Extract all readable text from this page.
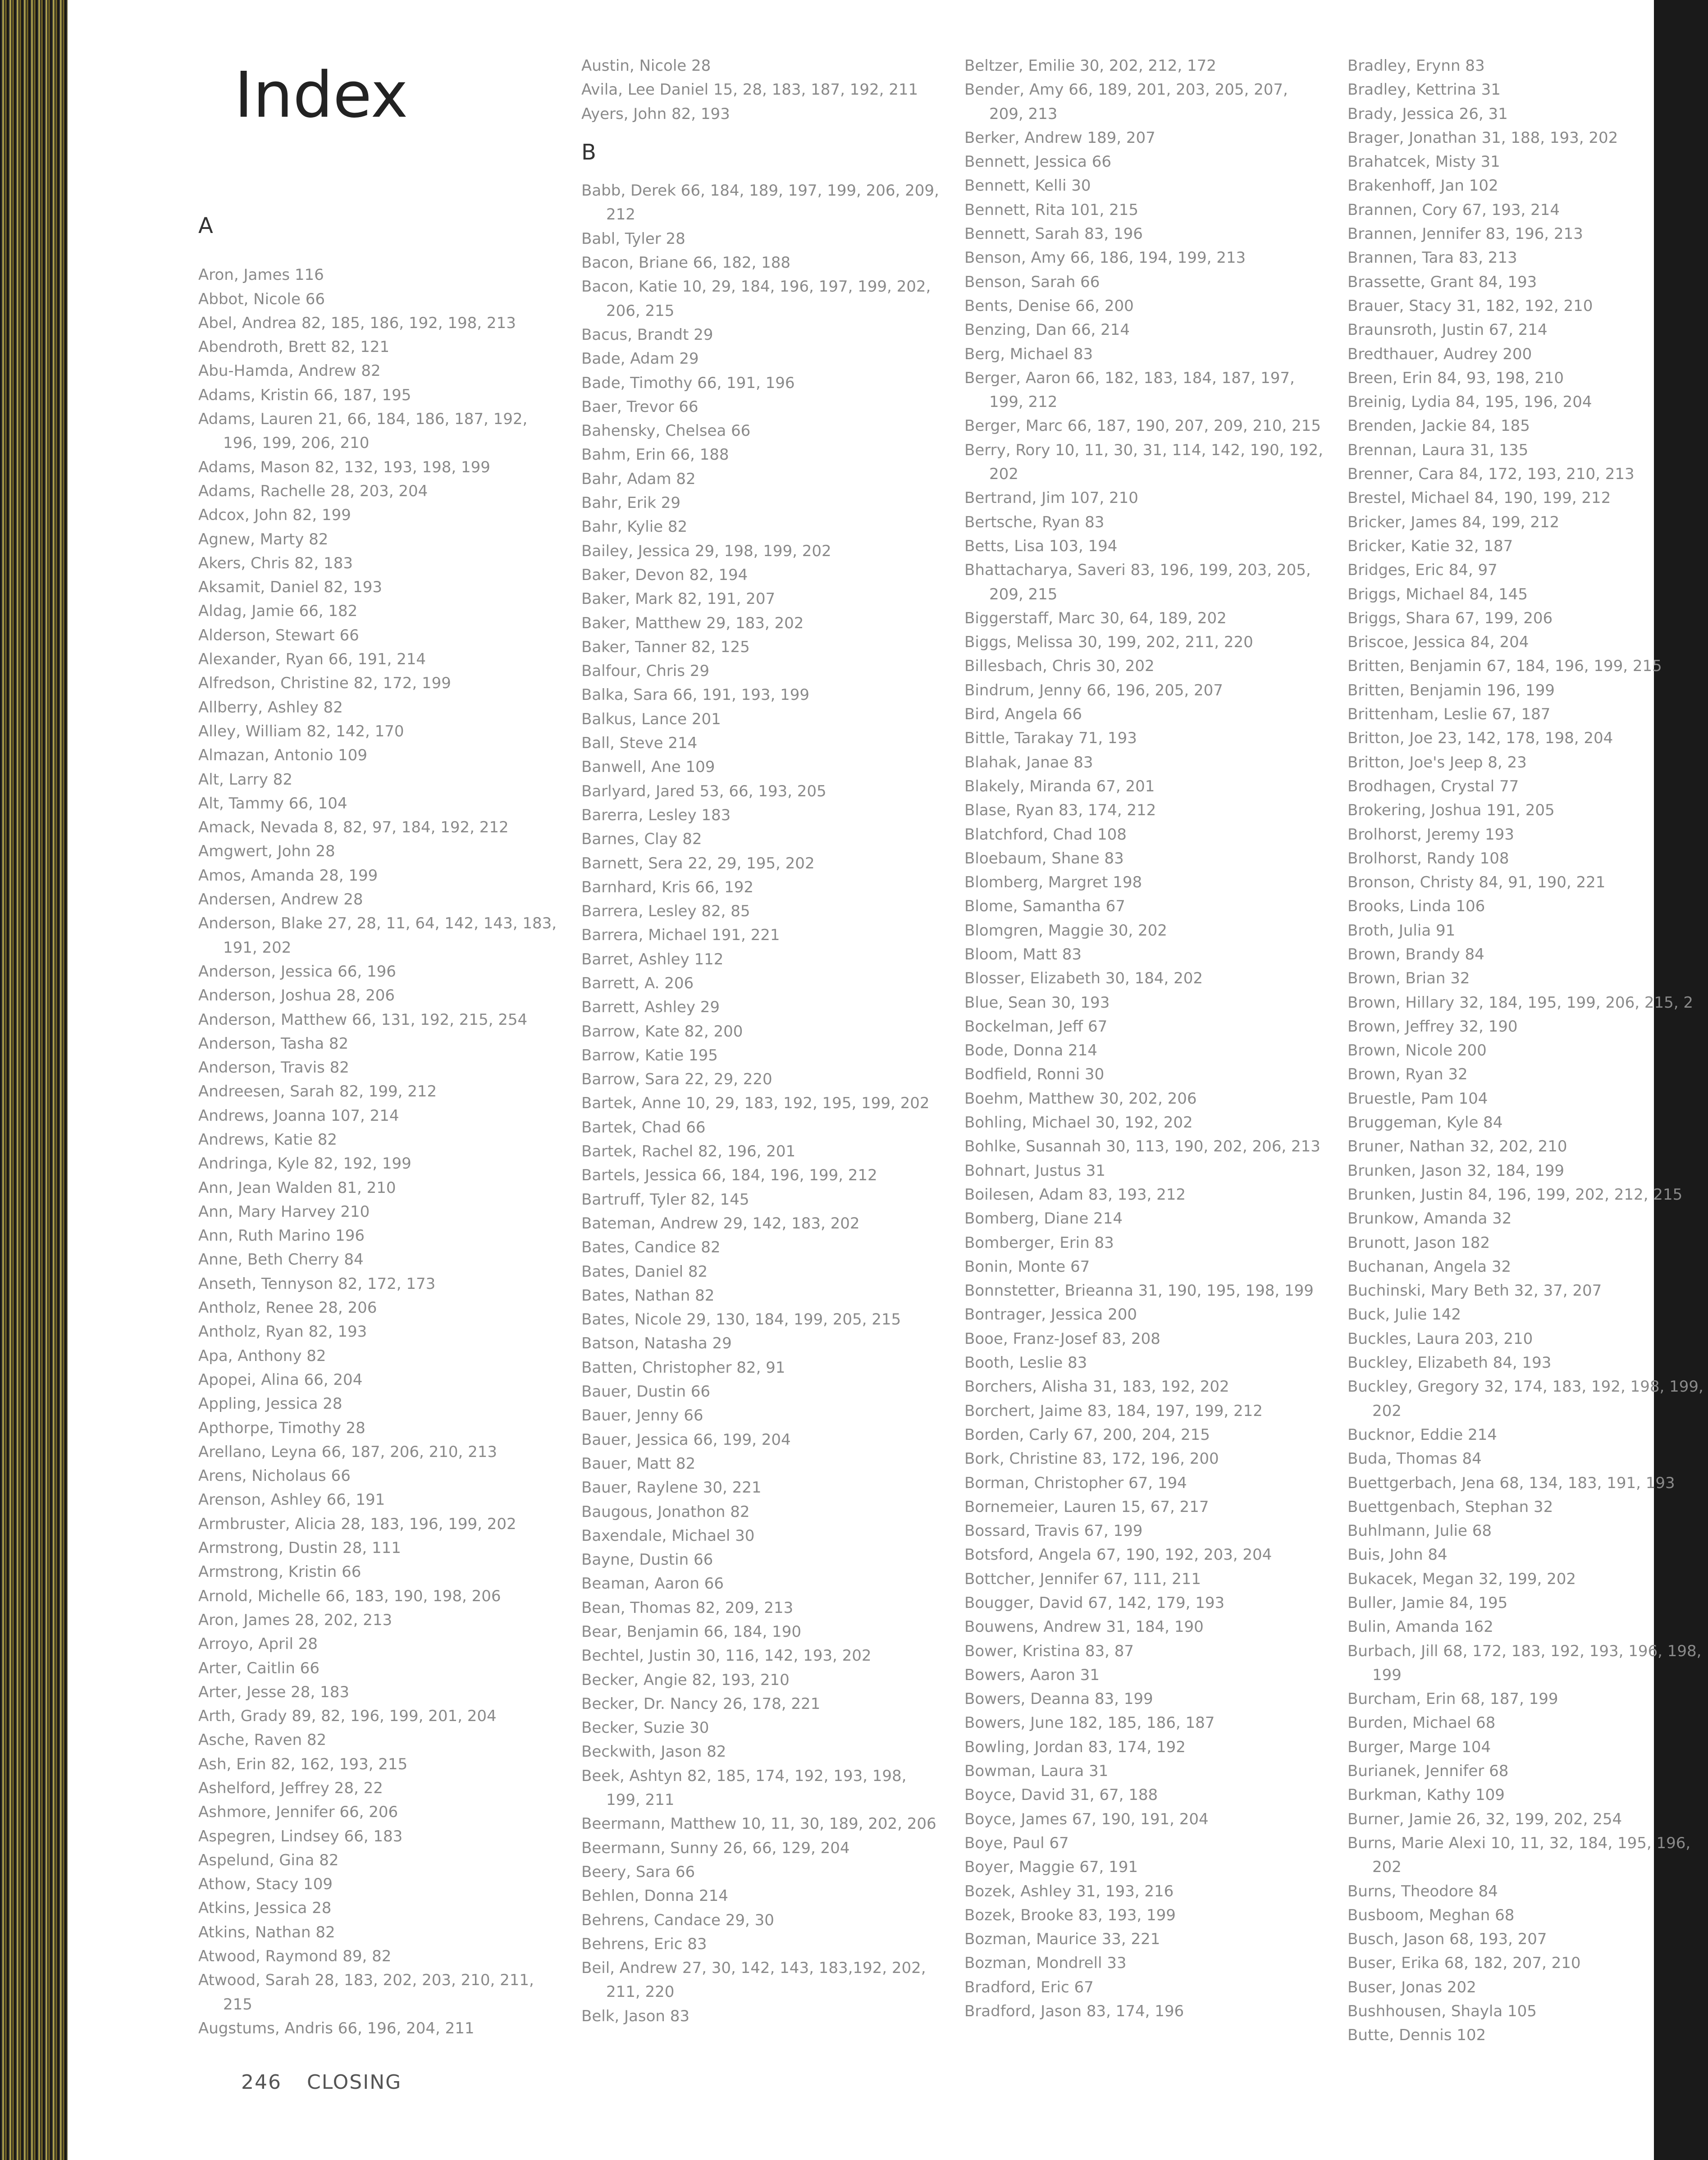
Index
A
Aron, James 116
Abbot, Nicole 66
Abel, Andrea 82, 185, 186, 192, 198, 213
Abendroth, Brett 82, 121
Abu-Hamda, Andrew 82
Adams, Kristin 66, 187, 195
Adams, Lauren 21, 66, 184, 186, 187, 192, 196, 199, 206, 210
Adams, Mason 82, 132, 193, 198, 199
Adams, Rachelle 28, 203, 204
Adcox, John 82, 199
Agnew, Marty 82
Akers, Chris 82, 183
Aksamit, Daniel 82, 193
Aldag, Jamie 66, 182
Alderson, Stewart 66
Alexander, Ryan 66, 191, 214
Alfredson, Christine 82, 172, 199
Allberry, Ashley 82
Alley, William 82, 142, 170
Almazan, Antonio 109
Alt, Larry 82
Alt, Tammy 66, 104
Amack, Nevada 8, 82, 97, 184, 192, 212
Amgwert, John 28
Amos, Amanda 28, 199
Andersen, Andrew 28
Anderson, Blake 27, 28, 11, 64, 142, 143, 183, 191, 202
Anderson, Jessica 66, 196
Anderson, Joshua 28, 206
Anderson, Matthew 66, 131, 192, 215, 254
Anderson, Tasha 82
Anderson, Travis 82
Andreesen, Sarah 82, 199, 212
Andrews, Joanna 107, 214
Andrews, Katie 82
Andringa, Kyle 82, 192, 199
Ann, Jean Walden 81, 210
Ann, Mary Harvey 210
Ann, Ruth Marino 196
Anne, Beth Cherry 84
Anseth, Tennyson 82, 172, 173
Antholz, Renee 28, 206
Antholz, Ryan 82, 193
Apa, Anthony 82
Apopei, Alina 66, 204
Appling, Jessica 28
Apthorpe, Timothy 28
Arellano, Leyna 66, 187, 206, 210, 213
Arens, Nicholaus 66
Arenson, Ashley 66, 191
Armbruster, Alicia 28, 183, 196, 199, 202
Armstrong, Dustin 28, 111
Armstrong, Kristin 66
Arnold, Michelle 66, 183, 190, 198, 206
Aron, James 28, 202, 213
Arroyo, April 28
Arter, Caitlin 66
Arter, Jesse 28, 183
Arth, Grady 89, 82, 196, 199, 201, 204
Asche, Raven 82
Ash, Erin 82, 162, 193, 215
Ashelford, Jeffrey 28, 22
Ashmore, Jennifer 66, 206
Aspegren, Lindsey 66, 183
Aspelund, Gina 82
Athow, Stacy 109
Atkins, Jessica 28
Atkins, Nathan 82
Atwood, Raymond 89, 82
Atwood, Sarah 28, 183, 202, 203, 210, 211, 215
Augstums, Andris 66, 196, 204, 211
Austin, Nicole 28
Avila, Lee Daniel 15, 28, 183, 187, 192, 211
Ayers, John 82, 193
B
Babb, Derek 66, 184, 189, 197, 199, 206, 209, 212
Babl, Tyler 28
Bacon, Briane 66, 182, 188
Bacon, Katie 10, 29, 184, 196, 197, 199, 202, 206, 215
Bacus, Brandt 29
Bade, Adam 29
Bade, Timothy 66, 191, 196
Baer, Trevor 66
Bahensky, Chelsea 66
Bahm, Erin 66, 188
Bahr, Adam 82
Bahr, Erik 29
Bahr, Kylie 82
Bailey, Jessica 29, 198, 199, 202
Baker, Devon 82, 194
Baker, Mark 82, 191, 207
Baker, Matthew 29, 183, 202
Baker, Tanner 82, 125
Balfour, Chris 29
Balka, Sara 66, 191, 193, 199
Balkus, Lance 201
Ball, Steve 214
Banwell, Ane 109
Barlyard, Jared 53, 66, 193, 205
Barerra, Lesley 183
Barnes, Clay 82
Barnett, Sera 22, 29, 195, 202
Barnhard, Kris 66, 192
Barrera, Lesley 82, 85
Barrera, Michael 191, 221
Barret, Ashley 112
Barrett, A. 206
Barrett, Ashley 29
Barrow, Kate 82, 200
Barrow, Katie 195
Barrow, Sara 22, 29, 220
Bartek, Anne 10, 29, 183, 192, 195, 199, 202
Bartek, Chad 66
Bartek, Rachel 82, 196, 201
Bartels, Jessica 66, 184, 196, 199, 212
Bartruff, Tyler 82, 145
Bateman, Andrew 29, 142, 183, 202
Bates, Candice 82
Bates, Daniel 82
Bates, Nathan 82
Bates, Nicole 29, 130, 184, 199, 205, 215
Batson, Natasha 29
Batten, Christopher 82, 91
Bauer, Dustin 66
Bauer, Jenny 66
Bauer, Jessica 66, 199, 204
Bauer, Matt 82
Bauer, Raylene 30, 221
Baugous, Jonathon 82
Baxendale, Michael 30
Bayne, Dustin 66
Beaman, Aaron 66
Bean, Thomas 82, 209, 213
Bear, Benjamin 66, 184, 190
Bechtel, Justin 30, 116, 142, 193, 202
Becker, Angie 82, 193, 210
Becker, Dr. Nancy 26, 178, 221
Becker, Suzie 30
Beckwith, Jason 82
Beek, Ashtyn 82, 185, 174, 192, 193, 198, 199, 211
Beermann, Matthew 10, 11, 30, 189, 202, 206
Beermann, Sunny 26, 66, 129, 204
Beery, Sara 66
Behlen, Donna 214
Behrens, Candace 29, 30
Behrens, Eric 83
Beil, Andrew 27, 30, 142, 143, 183,192, 202, 211, 220
Belk, Jason 83
Beltzer, Emilie 30, 202, 212, 172
Bender, Amy 66, 189, 201, 203, 205, 207, 209, 213
Berker, Andrew 189, 207
Bennett, Jessica 66
Bennett, Kelli 30
Bennett, Rita 101, 215
Bennett, Sarah 83, 196
Benson, Amy 66, 186, 194, 199, 213
Benson, Sarah 66
Bents, Denise 66, 200
Benzing, Dan 66, 214
Berg, Michael 83
Berger, Aaron 66, 182, 183, 184, 187, 197, 199, 212
Berger, Marc 66, 187, 190, 207, 209, 210, 215
Berry, Rory 10, 11, 30, 31, 114, 142, 190, 192, 202
Bertrand, Jim 107, 210
Bertsche, Ryan 83
Betts, Lisa 103, 194
Bhattacharya, Saveri 83, 196, 199, 203, 205, 209, 215
Biggerstaff, Marc 30, 64, 189, 202
Biggs, Melissa 30, 199, 202, 211, 220
Billesbach, Chris 30, 202
Bindrum, Jenny 66, 196, 205, 207
Bird, Angela 66
Bittle, Tarakay 71, 193
Blahak, Janae 83
Blakely, Miranda 67, 201
Blase, Ryan 83, 174, 212
Blatchford, Chad 108
Bloebaum, Shane 83
Blomberg, Margret 198
Blome, Samantha 67
Blomgren, Maggie 30, 202
Bloom, Matt 83
Blosser, Elizabeth 30, 184, 202
Blue, Sean 30, 193
Bockelman, Jeff 67
Bode, Donna 214
Bodfield, Ronni 30
Boehm, Matthew 30, 202, 206
Bohling, Michael 30, 192, 202
Bohlke, Susannah 30, 113, 190, 202, 206, 213
Bohnart, Justus 31
Boilesen, Adam 83, 193, 212
Bomberg, Diane 214
Bomberger, Erin 83
Bonin, Monte 67
Bonnstetter, Brieanna 31, 190, 195, 198, 199
Bontrager, Jessica 200
Booe, Franz-Josef 83, 208
Booth, Leslie 83
Borchers, Alisha 31, 183, 192, 202
Borchert, Jaime 83, 184, 197, 199, 212
Borden, Carly 67, 200, 204, 215
Bork, Christine 83, 172, 196, 200
Borman, Christopher 67, 194
Bornemeier, Lauren 15, 67, 217
Bossard, Travis 67, 199
Botsford, Angela 67, 190, 192, 203, 204
Bottcher, Jennifer 67, 111, 211
Bougger, David 67, 142, 179, 193
Bouwens, Andrew 31, 184, 190
Bower, Kristina 83, 87
Bowers, Aaron 31
Bowers, Deanna 83, 199
Bowers, June 182, 185, 186, 187
Bowling, Jordan 83, 174, 192
Bowman, Laura 31
Boyce, David 31, 67, 188
Boyce, James 67, 190, 191, 204
Boye, Paul 67
Boyer, Maggie 67, 191
Bozek, Ashley 31, 193, 216
Bozek, Brooke 83, 193, 199
Bozman, Maurice 33, 221
Bozman, Mondrell 33
Bradford, Eric 67
Bradford, Jason 83, 174, 196
Bradley, Erynn 83
Bradley, Kettrina 31
Brady, Jessica 26, 31
Brager, Jonathan 31, 188, 193, 202
Brahatcek, Misty 31
Brakenhoff, Jan 102
Brannen, Cory 67, 193, 214
Brannen, Jennifer 83, 196, 213
Brannen, Tara 83, 213
Brassette, Grant 84, 193
Brauer, Stacy 31, 182, 192, 210
Braunsroth, Justin 67, 214
Bredthauer, Audrey 200
Breen, Erin 84, 93, 198, 210
Breinig, Lydia 84, 195, 196, 204
Brenden, Jackie 84, 185
Brennan, Laura 31, 135
Brenner, Cara 84, 172, 193, 210, 213
Brestel, Michael 84, 190, 199, 212
Bricker, James 84, 199, 212
Bricker, Katie 32, 187
Bridges, Eric 84, 97
Briggs, Michael 84, 145
Briggs, Shara 67, 199, 206
Briscoe, Jessica 84, 204
Britten, Benjamin 67, 184, 196, 199, 215
Britten, Benjamin 196, 199
Brittenham, Leslie 67, 187
Britton, Joe 23, 142, 178, 198, 204
Britton, Joe's Jeep 8, 23
Brodhagen, Crystal 77
Brokering, Joshua 191, 205
Brolhorst, Jeremy 193
Brolhorst, Randy 108
Bronson, Christy 84, 91, 190, 221
Brooks, Linda 106
Broth, Julia 91
Brown, Brandy 84
Brown, Brian 32
Brown, Hillary 32, 184, 195, 199, 206, 215, 2
Brown, Jeffrey 32, 190
Brown, Nicole 200
Brown, Ryan 32
Bruestle, Pam 104
Bruggeman, Kyle 84
Bruner, Nathan 32, 202, 210
Brunken, Jason 32, 184, 199
Brunken, Justin 84, 196, 199, 202, 212, 215
Brunkow, Amanda 32
Brunott, Jason 182
Buchanan, Angela 32
Buchinski, Mary Beth 32, 37, 207
Buck, Julie 142
Buckles, Laura 203, 210
Buckley, Elizabeth 84, 193
Buckley, Gregory 32, 174, 183, 192, 198, 199, 202
Bucknor, Eddie 214
Buda, Thomas 84
Buettgerbach, Jena 68, 134, 183, 191, 193
Buettgenbach, Stephan 32
Buhlmann, Julie 68
Buis, John 84
Bukacek, Megan 32, 199, 202
Buller, Jamie 84, 195
Bulin, Amanda 162
Burbach, Jill 68, 172, 183, 192, 193, 196, 198, 199
Burcham, Erin 68, 187, 199
Burden, Michael 68
Burger, Marge 104
Burianek, Jennifer 68
Burkman, Kathy 109
Burner, Jamie 26, 32, 199, 202, 254
Burns, Marie Alexi 10, 11, 32, 184, 195, 196, 202
Burns, Theodore 84
Busboom, Meghan 68
Busch, Jason 68, 193, 207
Buser, Erika 68, 182, 207, 210
Buser, Jonas 202
Bushhousen, Shayla 105
Butte, Dennis 102
246 CLOSING
